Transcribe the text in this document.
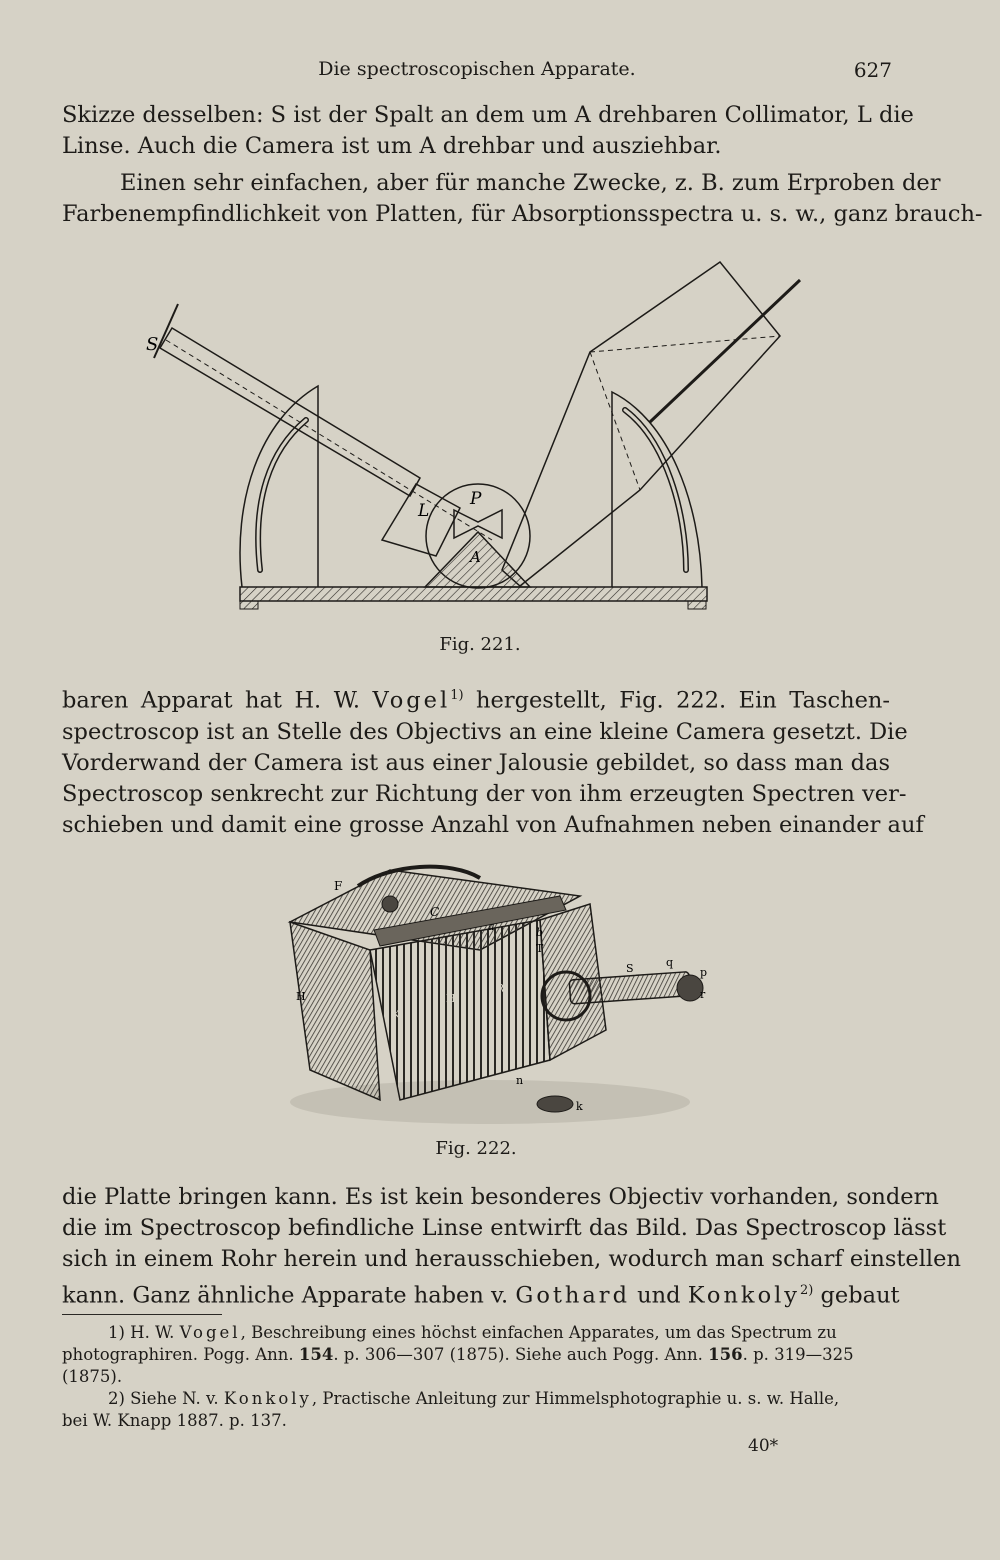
Die spectroscopischen Apparate.	627
Skizze desselben: S ist der Spalt an dem um A drehbaren Collimator, L die
Linse. Auch die Camera ist um A drehbar und ausziehbar.
Einen sehr einfachen, aber für manche Zwecke, z. B. zum Erproben der
Farbenempfindlichkeit von Platten, für Absorptionsspectra u. s. w., ganz brauch-
S
L
P
A
Fig. 221.
baren Apparat hat H. W. Vogel$^{1)}$ hergestellt, Fig. 222. Ein Taschen-
spectroscop ist an Stelle des Objectivs an eine kleine Camera gesetzt. Die
Vorderwand der Camera ist aus einer Jalousie gebildet, so dass man das
Spectroscop senkrecht zur Richtung der von ihm erzeugten Spectren ver-
schieben und damit eine grosse Anzahl von Aufnahmen neben einander auf
F
C
a	b
T
S	q
p
r
H	H
K
R
n
k
Fig. 222.
die Platte bringen kann. Es ist kein besonderes Objectiv vorhanden, sondern
die im Spectroscop befindliche Linse entwirft das Bild. Das Spectroscop lässt
sich in einem Rohr herein und herausschieben, wodurch man scharf einstellen
kann. Ganz ähnliche Apparate haben v. Gothard und Konkoly$^{2)}$ gebaut
1) H. W. Vogel, Beschreibung eines höchst einfachen Apparates, um das Spectrum zu
photographiren. Pogg. Ann. 154. p. 306—307 (1875). Siehe auch Pogg. Ann. 156. p. 319—325
(1875).
2) Siehe N. v. Konkoly, Practische Anleitung zur Himmelsphotographie u. s. w. Halle,
bei W. Knapp 1887. p. 137.
40*
